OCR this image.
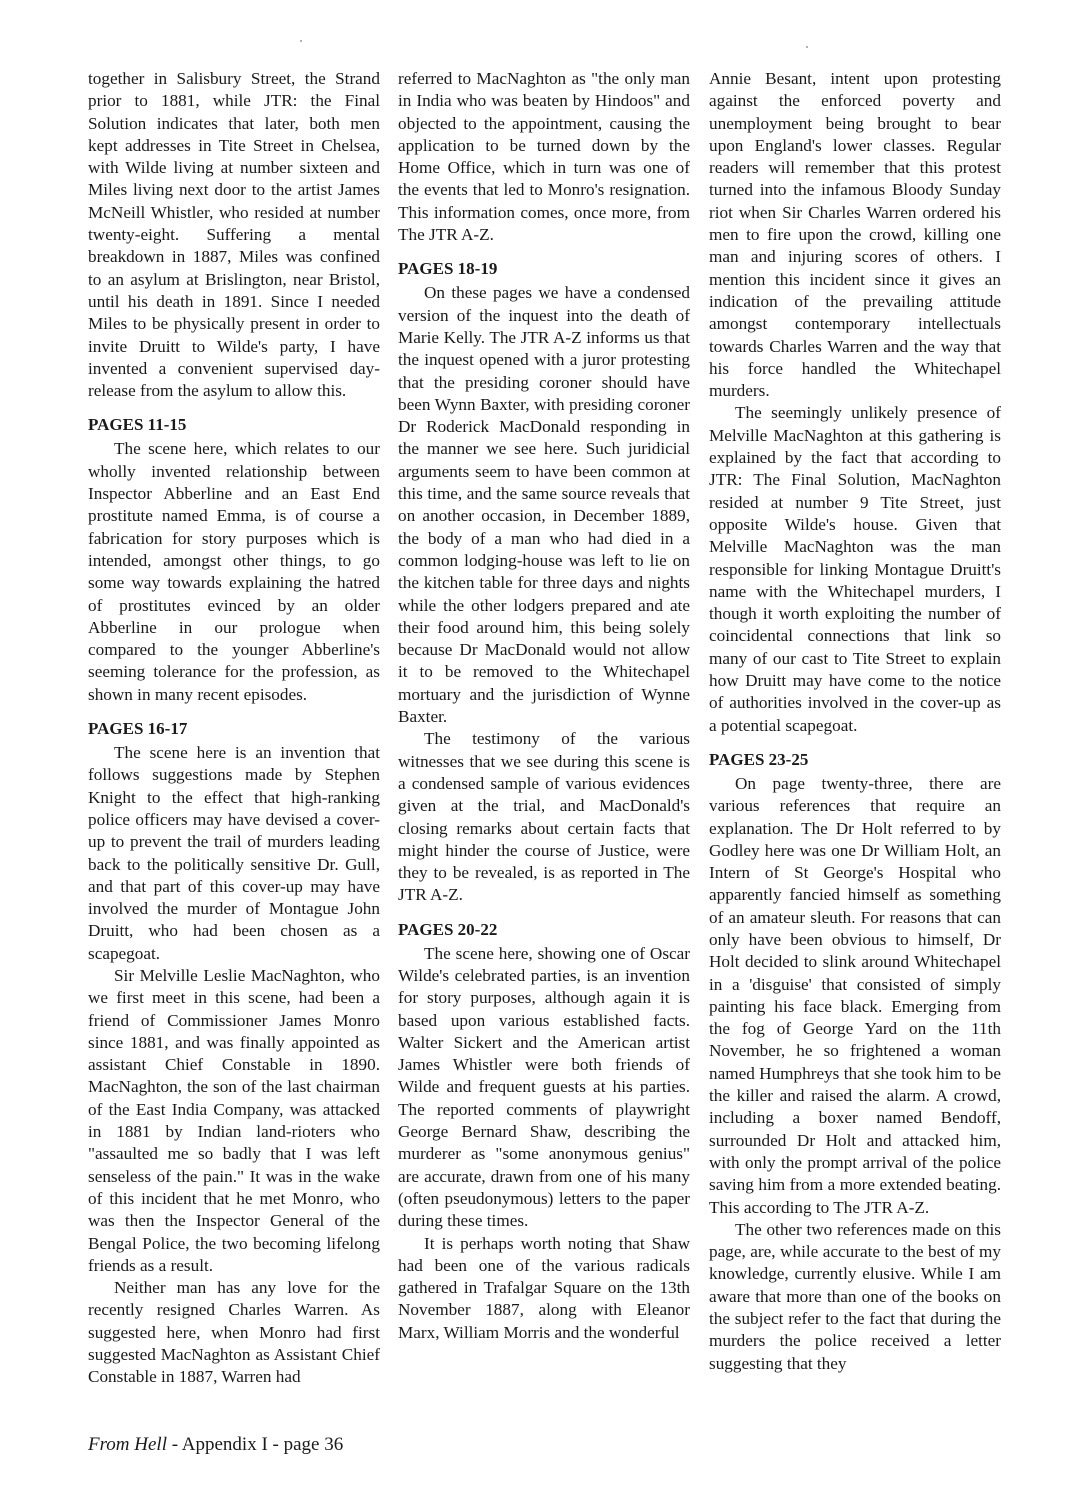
together in Salisbury Street, the Strand prior to 1881, while JTR: the Final Solution indicates that later, both men kept addresses in Tite Street in Chelsea, with Wilde living at number sixteen and Miles living next door to the artist James McNeill Whistler, who resided at number twenty-eight. Suffering a mental breakdown in 1887, Miles was confined to an asylum at Brislington, near Bristol, until his death in 1891. Since I needed Miles to be physically present in order to invite Druitt to Wilde's party, I have invented a convenient supervised day-release from the asylum to allow this.

PAGES 11-15

The scene here, which relates to our wholly invented relationship between Inspector Abberline and an East End prostitute named Emma, is of course a fabrication for story purposes which is intended, amongst other things, to go some way towards explaining the hatred of prostitutes evinced by an older Abberline in our prologue when compared to the younger Abberline's seeming tolerance for the profession, as shown in many recent episodes.

PAGES 16-17

The scene here is an invention that follows suggestions made by Stephen Knight to the effect that high-ranking police officers may have devised a cover-up to prevent the trail of murders leading back to the politically sensitive Dr. Gull, and that part of this cover-up may have involved the murder of Montague John Druitt, who had been chosen as a scapegoat.

Sir Melville Leslie MacNaghton, who we first meet in this scene, had been a friend of Commissioner James Monro since 1881, and was finally appointed as assistant Chief Constable in 1890. MacNaghton, the son of the last chairman of the East India Company, was attacked in 1881 by Indian land-rioters who "assaulted me so badly that I was left senseless of the pain." It was in the wake of this incident that he met Monro, who was then the Inspector General of the Bengal Police, the two becoming lifelong friends as a result.

Neither man has any love for the recently resigned Charles Warren. As suggested here, when Monro had first suggested MacNaghton as Assistant Chief Constable in 1887, Warren had

referred to MacNaghton as "the only man in India who was beaten by Hindoos" and objected to the appointment, causing the application to be turned down by the Home Office, which in turn was one of the events that led to Monro's resignation. This information comes, once more, from The JTR A-Z.

PAGES 18-19

On these pages we have a condensed version of the inquest into the death of Marie Kelly. The JTR A-Z informs us that the inquest opened with a juror protesting that the presiding coroner should have been Wynn Baxter, with presiding coroner Dr Roderick MacDonald responding in the manner we see here. Such juridicial arguments seem to have been common at this time, and the same source reveals that on another occasion, in December 1889, the body of a man who had died in a common lodging-house was left to lie on the kitchen table for three days and nights while the other lodgers prepared and ate their food around him, this being solely because Dr MacDonald would not allow it to be removed to the Whitechapel mortuary and the jurisdiction of Wynne Baxter.

The testimony of the various witnesses that we see during this scene is a condensed sample of various evidences given at the trial, and MacDonald's closing remarks about certain facts that might hinder the course of Justice, were they to be revealed, is as reported in The JTR A-Z.

PAGES 20-22

The scene here, showing one of Oscar Wilde's celebrated parties, is an invention for story purposes, although again it is based upon various established facts. Walter Sickert and the American artist James Whistler were both friends of Wilde and frequent guests at his parties. The reported comments of playwright George Bernard Shaw, describing the murderer as "some anonymous genius" are accurate, drawn from one of his many (often pseudonymous) letters to the paper during these times.

It is perhaps worth noting that Shaw had been one of the various radicals gathered in Trafalgar Square on the 13th November 1887, along with Eleanor Marx, William Morris and the wonderful

Annie Besant, intent upon protesting against the enforced poverty and unemployment being brought to bear upon England's lower classes. Regular readers will remember that this protest turned into the infamous Bloody Sunday riot when Sir Charles Warren ordered his men to fire upon the crowd, killing one man and injuring scores of others. I mention this incident since it gives an indication of the prevailing attitude amongst contemporary intellectuals towards Charles Warren and the way that his force handled the Whitechapel murders.

The seemingly unlikely presence of Melville MacNaghton at this gathering is explained by the fact that according to JTR: The Final Solution, MacNaghton resided at number 9 Tite Street, just opposite Wilde's house. Given that Melville MacNaghton was the man responsible for linking Montague Druitt's name with the Whitechapel murders, I though it worth exploiting the number of coincidental connections that link so many of our cast to Tite Street to explain how Druitt may have come to the notice of authorities involved in the cover-up as a potential scapegoat.

PAGES 23-25

On page twenty-three, there are various references that require an explanation. The Dr Holt referred to by Godley here was one Dr William Holt, an Intern of St George's Hospital who apparently fancied himself as something of an amateur sleuth. For reasons that can only have been obvious to himself, Dr Holt decided to slink around Whitechapel in a 'disguise' that consisted of simply painting his face black. Emerging from the fog of George Yard on the 11th November, he so frightened a woman named Humphreys that she took him to be the killer and raised the alarm. A crowd, including a boxer named Bendoff, surrounded Dr Holt and attacked him, with only the prompt arrival of the police saving him from a more extended beating. This according to The JTR A-Z.

The other two references made on this page, are, while accurate to the best of my knowledge, currently elusive. While I am aware that more than one of the books on the subject refer to the fact that during the murders the police received a letter suggesting that they

From Hell - Appendix I - page 36
